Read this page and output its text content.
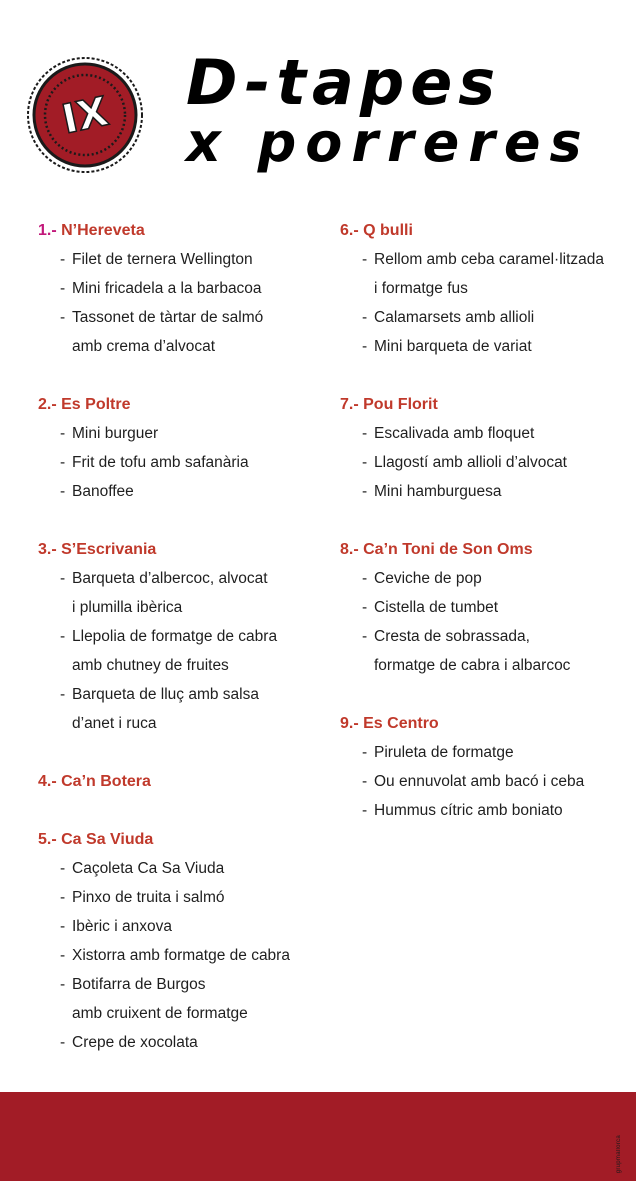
IX D-tapes
x porreres
1.- N’Hereveta
- Filet de ternera Wellington
- Mini fricadela a la barbacoa
- Tassonet de tàrtar de salmó
amb crema d’alvocat
2.- Es Poltre
- Mini burguer
- Frit de tofu amb safanària
- Banoffee
3.- S’Escrivania
- Barqueta d’albercoc, alvocat
i plumilla ibèrica
- Llepolia de formatge de cabra
amb chutney de fruites
- Barqueta de lluç amb salsa
d’anet i ruca
4.- Ca’n Botera
5.- Ca Sa Viuda
- Caçoleta Ca Sa Viuda
- Pinxo de truita i salmó
- Ibèric i anxova
- Xistorra amb formatge de cabra
- Botifarra de Burgos
amb cruixent de formatge
- Crepe de xocolata
6.- Q bulli
- Rellom amb ceba caramel·litzada
i formatge fus
- Calamarsets amb allioli
- Mini barqueta de variat
7.- Pou Florit
- Escalivada amb floquet
- Llagostí amb allioli d’alvocat
- Mini hamburguesa
8.- Ca’n Toni de Son Oms
- Ceviche de pop
- Cistella de tumbet
- Cresta de sobrassada,
formatge de cabra i albarcoc
9.- Es Centro
- Piruleta de formatge
- Ou ennuvolat amb bacó i ceba
- Hummus cítric amb boniato
grupmallorca
